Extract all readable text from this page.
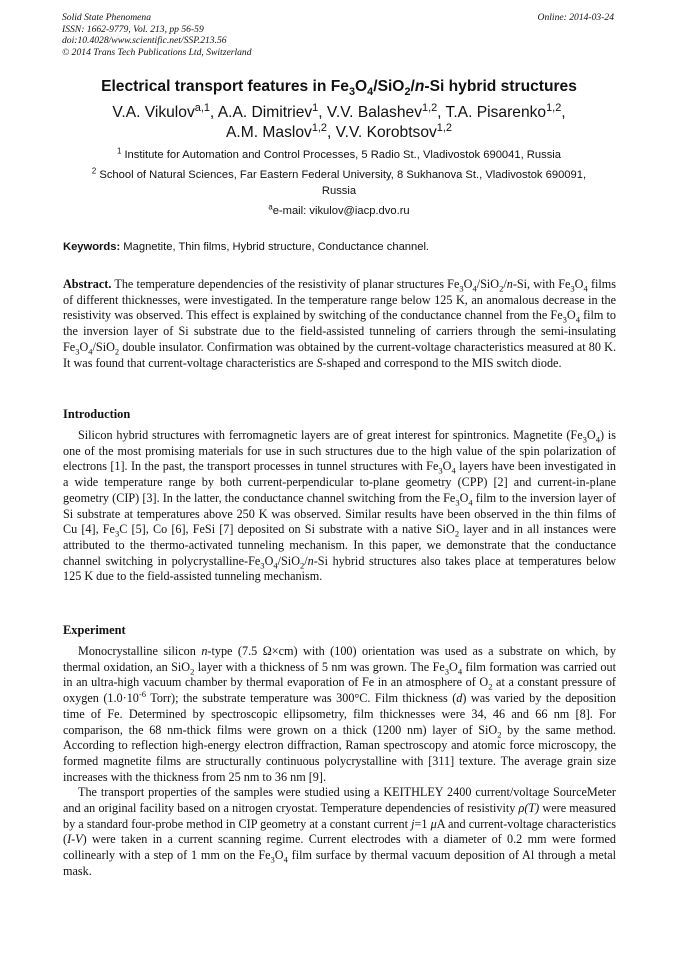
Solid State Phenomena
ISSN: 1662-9779, Vol. 213, pp 56-59
doi:10.4028/www.scientific.net/SSP.213.56
© 2014 Trans Tech Publications Ltd, Switzerland
Online: 2014-03-24
Electrical transport features in $Fe_3O_4/SiO_2/n-Si$ hybrid structures
V.A. Vikulov$^{a,1}$, A.A. Dimitriev$^1$, V.V. Balashev$^{1,2}$, T.A. Pisarenko$^{1,2}$,
A.M. Maslov$^{1,2}$, V.V. Korobtsov$^{1,2}$

$^1$ Institute for Automation and Control Processes, 5 Radio St., Vladivostok 690041, Russia

$^2$ School of Natural Sciences, Far Eastern Federal University, 8 Sukhanova St., Vladivostok 690091, Russia

$^a$e-mail: vikulov@iacp.dvo.ru

Keywords: Magnetite, Thin films, Hybrid structure, Conductance channel.

Abstract. The temperature dependencies of the resistivity of planar structures $Fe_3O_4/SiO_2/n-Si$, with $Fe_3O_4$ films of different thicknesses, were investigated. In the temperature range below 125 K, an anomalous decrease in the resistivity was observed. This effect is explained by switching of the conductance channel from the $Fe_3O_4$ film to the inversion layer of Si substrate due to the field-assisted tunneling of carriers through the semi-insulating $Fe_3O_4/SiO_2$ double insulator. Confirmation was obtained by the current-voltage characteristics measured at 80 K. It was found that current-voltage characteristics are S-shaped and correspond to the MIS switch diode.

Introduction

Silicon hybrid structures with ferromagnetic layers are of great interest for spintronics. Magnetite $(Fe_3O_4)$ is one of the most promising materials for use in such structures due to the high value of the spin polarization of electrons [1]. In the past, the transport processes in tunnel structures with $Fe_3O_4$ layers have been investigated in a wide temperature range by both current-perpendicular to-plane geometry (CPP) [2] and current-in-plane geometry (CIP) [3]. In the latter, the conductance channel switching from the $Fe_3O_4$ film to the inversion layer of Si substrate at temperatures above 250 K was observed. Similar results have been observed in the thin films of Cu [4], $Fe_3C$ [5], Co [6], FeSi [7] deposited on Si substrate with a native SiO$_2$ layer and in all instances were attributed to the thermo-activated tunneling mechanism. In this paper, we demonstrate that the conductance channel switching in polycrystalline-$Fe_3O_4/SiO_2/n-Si$ hybrid structures also takes place at temperatures below 125 K due to the field-assisted tunneling mechanism.

Experiment

Monocrystalline silicon n-type (7.5 Ω×cm) with (100) orientation was used as a substrate on which, by thermal oxidation, an SiO$_2$ layer with a thickness of 5 nm was grown. The $Fe_3O_4$ film formation was carried out in an ultra-high vacuum chamber by thermal evaporation of Fe in an atmosphere of $O_2$ at a constant pressure of oxygen ($1.0\cdot 10^{-6}$ Torr); the substrate temperature was 300°C. Film thickness (d) was varied by the deposition time of Fe. Determined by spectroscopic ellipsometry, film thicknesses were 34, 46 and 66 nm [8]. For comparison, the 68 nm-thick films were grown on a thick (1200 nm) layer of SiO$_2$ by the same method. According to reflection high-energy electron diffraction, Raman spectroscopy and atomic force microscopy, the formed magnetite films are structurally continuous polycrystalline with [311] texture. The average grain size increases with the thickness from 25 nm to 36 nm [9].

The transport properties of the samples were studied using a KEITHLEY 2400 current/voltage SourceMeter and an original facility based on a nitrogen cryostat. Temperature dependencies of resistivity ρ(T) were measured by a standard four-probe method in CIP geometry at a constant current j=1 μA and current-voltage characteristics (I-V) were taken in a current scanning regime. Current electrodes with a diameter of 0.2 mm were formed collinearly with a step of 1 mm on the $Fe_3O_4$ film surface by thermal vacuum deposition of Al through a metal mask.
